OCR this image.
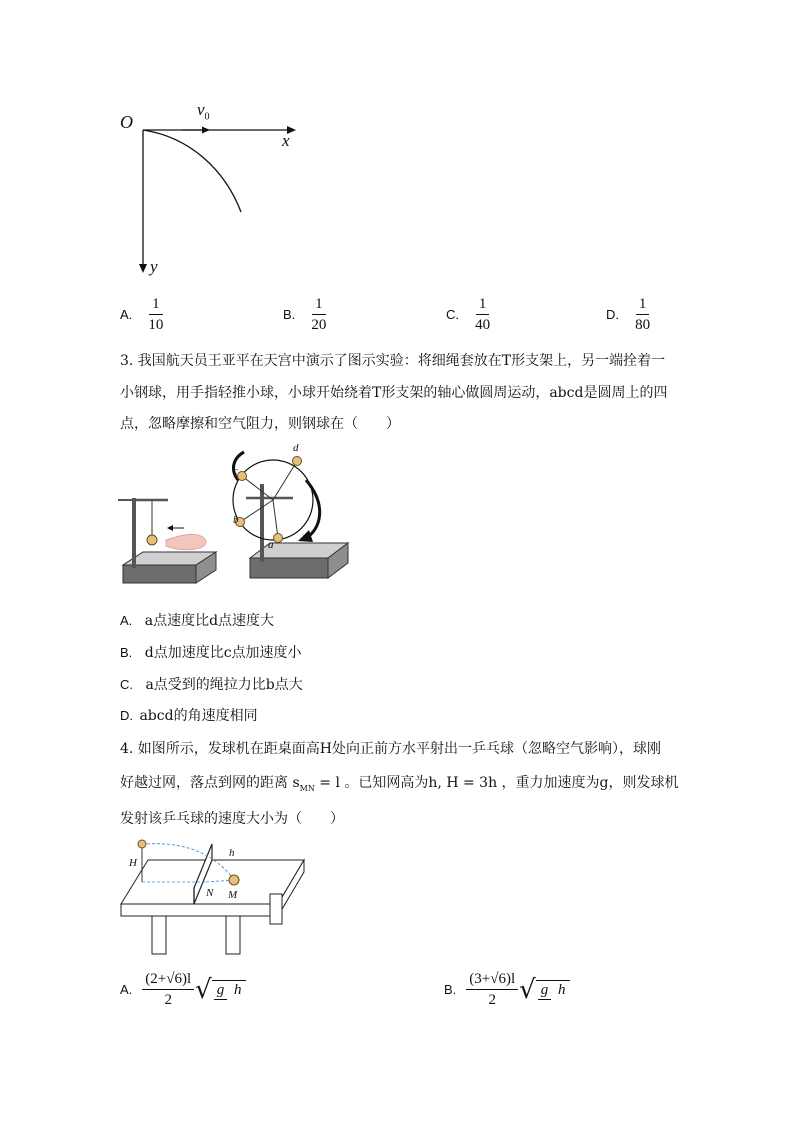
O
$v_0$
x
y
A. $\frac{1}{10}$	B. $\frac{1}{20}$	C. $\frac{1}{40}$	D. $\frac{1}{80}$
3. 我国航天员王亚平在天宫中演示了图示实验：将细绳套放在T形支架上，另一端拴着一
小钢球，用手指轻推小球，小球开始绕着T形支架的轴心做圆周运动，abcd是圆周上的四
点，忽略摩擦和空气阻力，则钢球在（　　）
d
c
b
a
A. a点速度比d点速度大
B. d点加速度比c点加速度小
C. a点受到的绳拉力比b点大
D. abcd的角速度相同
4. 如图所示，发球机在距桌面高H处向正前方水平射出一乒乓球（忽略空气影响），球刚
好越过网，落点到网的距离 $s_{MN} = l$ 。已知网高为h, H = 3h ，重力加速度为g，则发球机
发射该乒乓球的速度大小为（　　）
H
h
N M
A. $\frac{(2+√6)l}{2}$ √ g h	B. $\frac{(3+√6)l}{2}$ √ g h
